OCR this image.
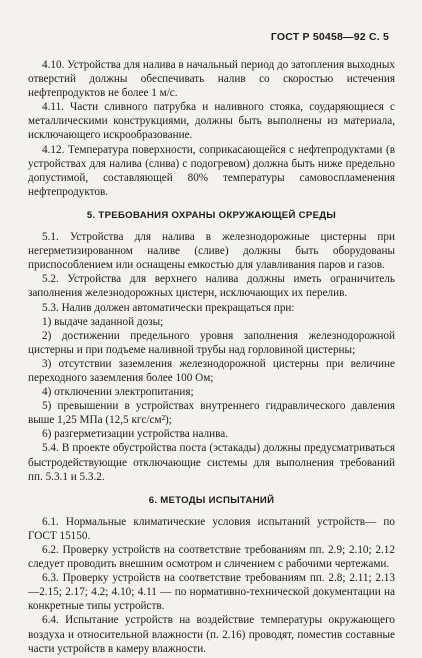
ГОСТ Р 50458—92 С. 5

4.10. Устройства для налива в начальный период до затопления выходных отверстий должны обеспечивать налив со скоростью истечения нефтепродуктов не более 1 м/с.

4.11. Части сливного патрубка и наливного стояка, соударяющиеся с металлическими конструкциями, должны быть выполнены из материала, исключающего искрообразование.

4.12. Температура поверхности, соприкасающейся с нефтепродуктами (в устройствах для налива (слива) с подогревом) должна быть ниже предельно допустимой, составляющей 80% температуры самовоспламенения нефтепродуктов.

5. ТРЕБОВАНИЯ ОХРАНЫ ОКРУЖАЮЩЕЙ СРЕДЫ

5.1. Устройства для налива в железнодорожные цистерны при негерметизированном наливе (сливе) должны быть оборудованы приспособлением или оснащены емкостью для улавливания паров и газов.

5.2. Устройства для верхнего налива должны иметь ограничитель заполнения железнодорожных цистерн, исключающих их перелив.

5.3. Налив должен автоматически прекращаться при:

1) выдаче заданной дозы;

2) достижении предельного уровня заполнения железнодорожной цистерны и при подъеме наливной трубы над горловиной цистерны;

3) отсутствии заземления железнодорожной цистерны при величине переходного заземления более 100 Ом;

4) отключении электропитания;

5) превышении в устройствах внутреннего гидравлического давления выше 1,25 МПа (12,5 кгс/см²);

6) разгерметизации устройства налива.

5.4. В проекте обустройства поста (эстакады) должны предусматриваться быстродействующие отключающие системы для выполнения требований пп. 5.3.1 и 5.3.2.

6. МЕТОДЫ ИСПЫТАНИЙ

6.1. Нормальные климатические условия испытаний устройств— по ГОСТ 15150.

6.2. Проверку устройств на соответствие требованиям пп. 2.9; 2.10; 2.12 следует проводить внешним осмотром и сличением с рабочими чертежами.

6.3. Проверку устройств на соответствие требованиям пп. 2.8; 2.11; 2.13—2.15; 2.17; 4.2; 4.10; 4.11 — по нормативно-технической документации на конкретные типы устройств.

6.4. Испытание устройств на воздействие температуры окружающего воздуха и относительной влажности (п. 2.16) проводят, поместив составные части устройств в камеру влажности.
